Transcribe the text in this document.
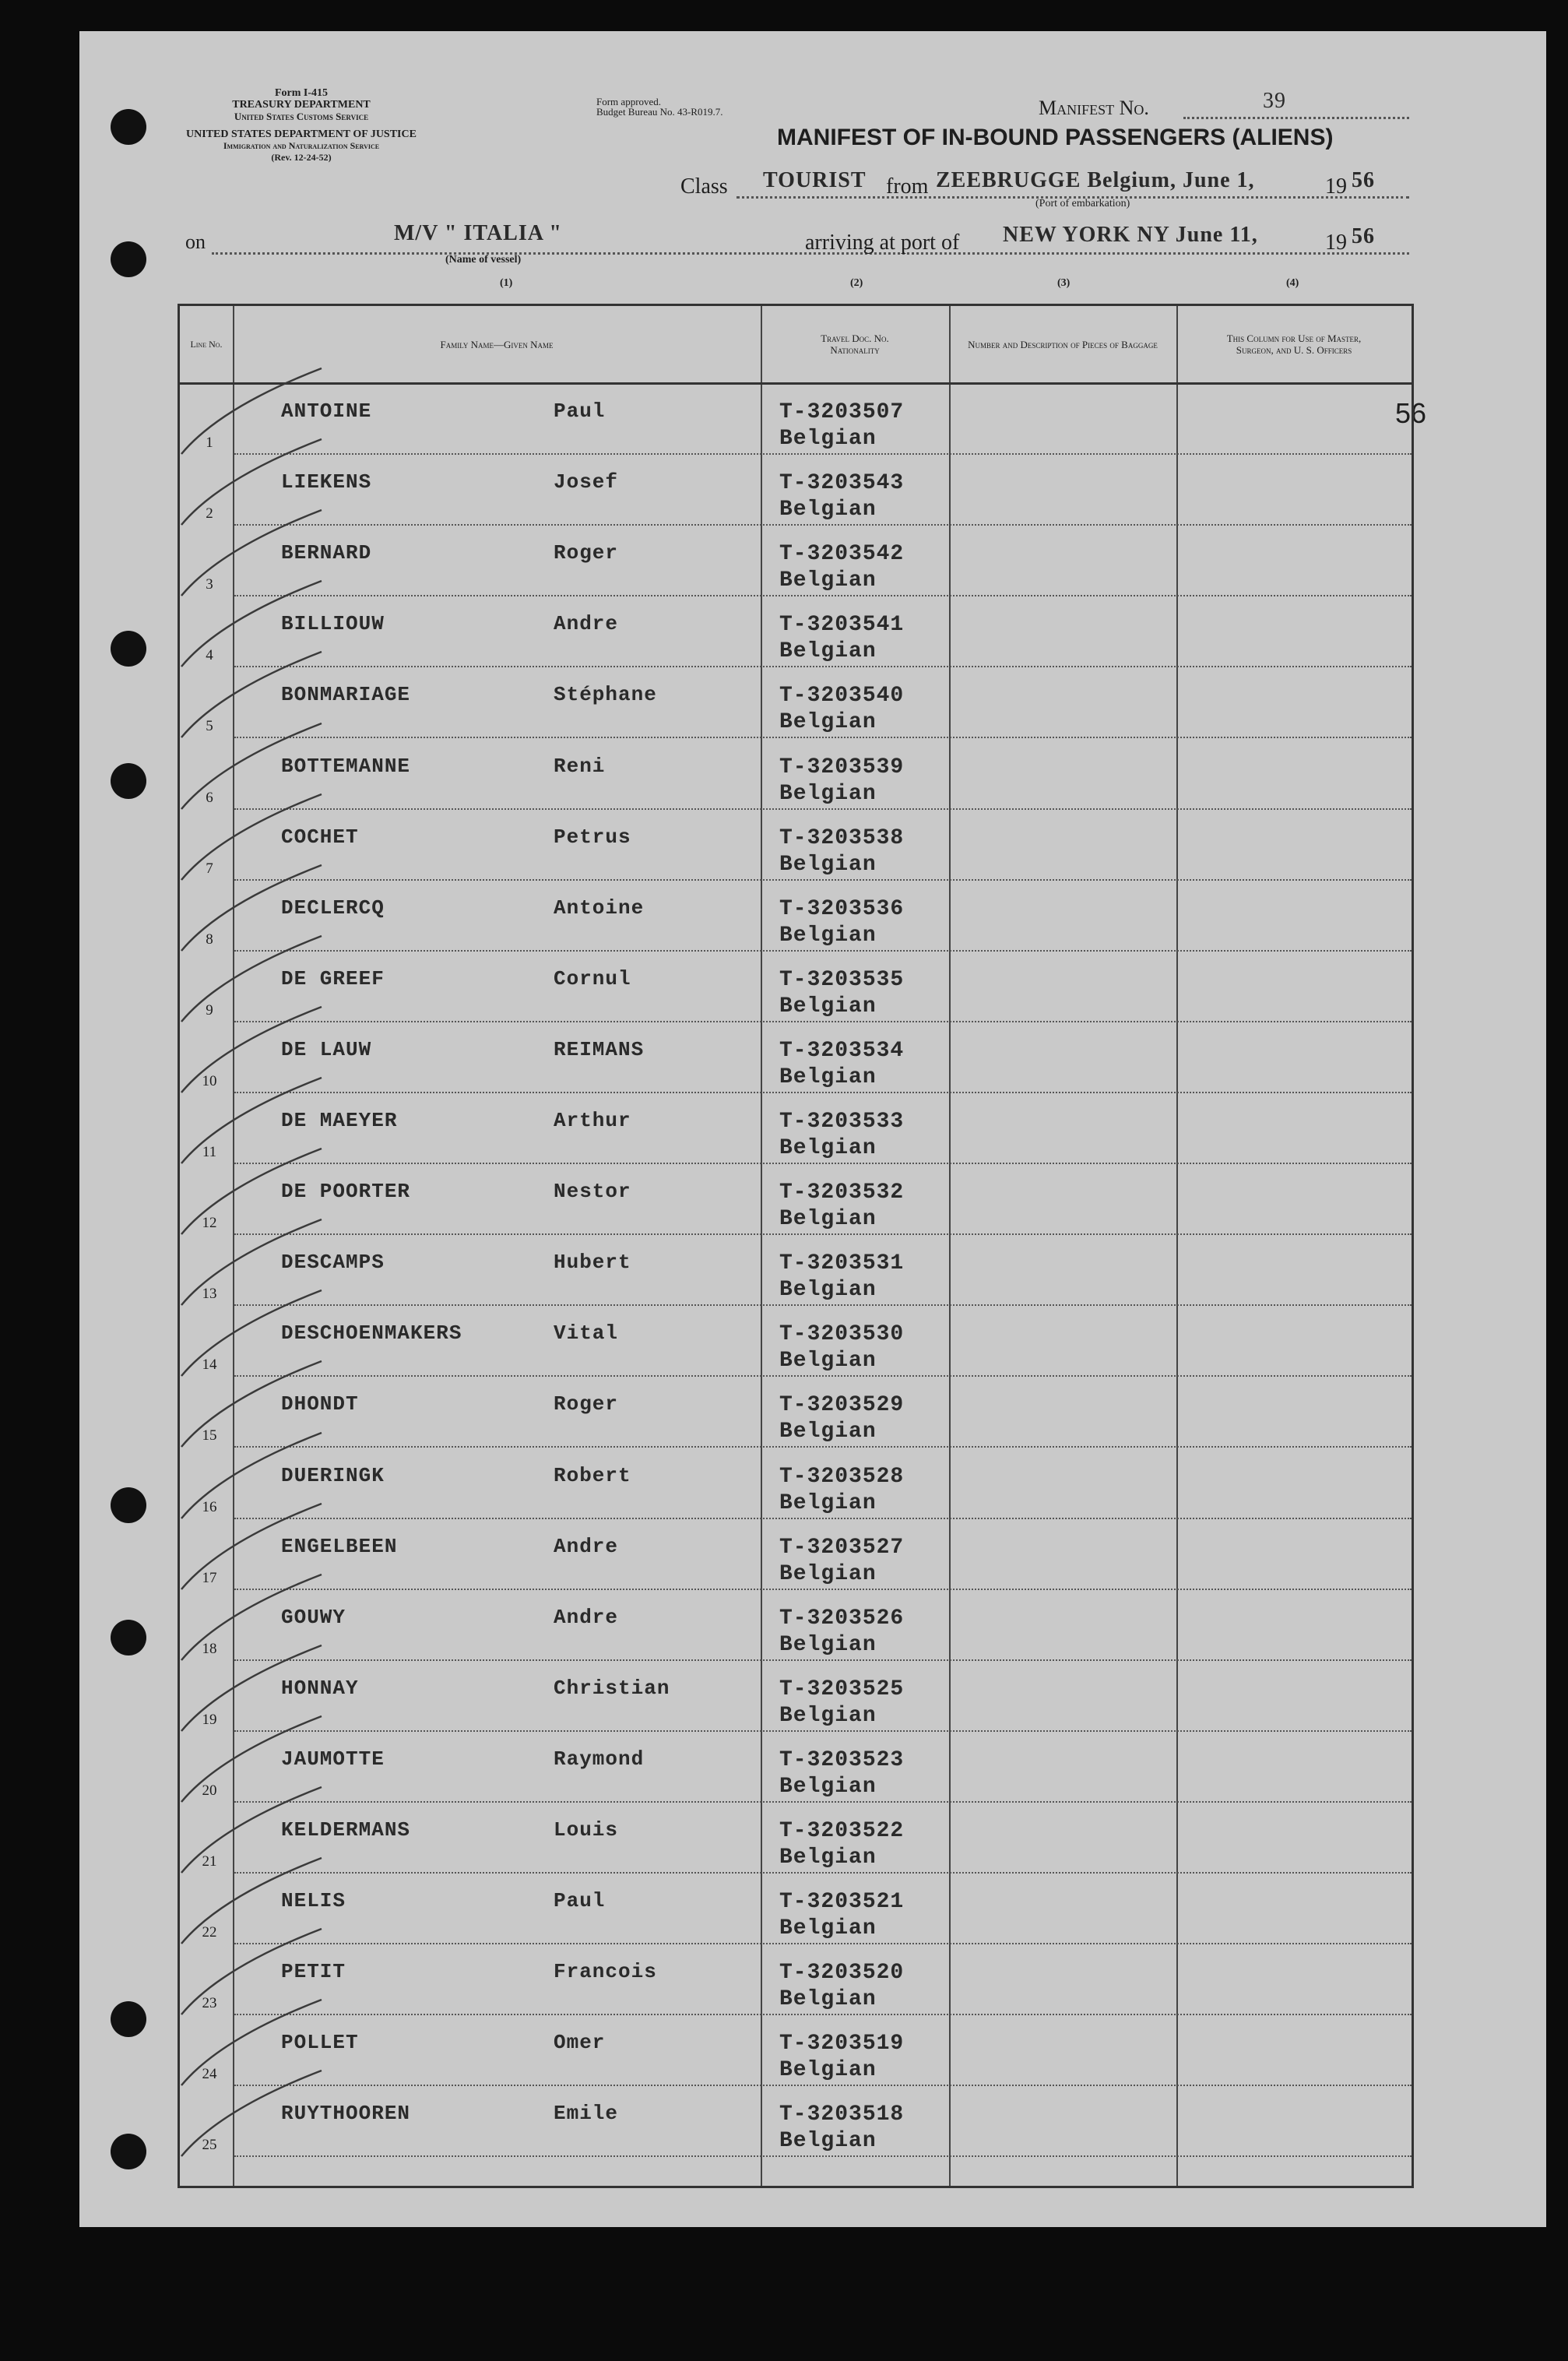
Form I-415
TREASURY DEPARTMENT
United States Customs Service
UNITED STATES DEPARTMENT OF JUSTICE
Immigration and Naturalization Service
(Rev. 12-24-52)
Form approved.
Budget Bureau No. 43-R019.7.	Manifest No.	39
MANIFEST OF IN-BOUND PASSENGERS (ALIENS)
Class TOURIST from ZEEBRUGGE Belgium, June 1,	19 56
(Port of embarkation)
on	M/V " ITALIA "
(Name of vessel)
arriving at port of NEW YORK NY June 11,	19 56
(1)	(2)	(3)	(4)
56
Line No.	Family Name—Given Name	Travel Doc. No. Nationality	Number and Description of Pieces of Baggage	This Column for Use of Master, Surgeon, and U. S. Officers
1
ANTOINE	Paul	T-3203507
Belgian
2
LIEKENS	Josef	T-3203543
Belgian
3
BERNARD	Roger	T-3203542
Belgian
4
BILLIOUW	Andre	T-3203541
Belgian
5
BONMARIAGE	Stéphane	T-3203540
Belgian
6
BOTTEMANNE	Reni	T-3203539
Belgian
7
COCHET	Petrus	T-3203538
Belgian
8
DECLERCQ	Antoine	T-3203536
Belgian
9
DE GREEF	Cornul	T-3203535
Belgian
10
DE LAUW	REIMANS	T-3203534
Belgian
11
DE MAEYER	Arthur	T-3203533
Belgian
12
DE POORTER	Nestor	T-3203532
Belgian
13
DESCAMPS	Hubert	T-3203531
Belgian
14
DESCHOENMAKERS	Vital	T-3203530
Belgian
15
DHONDT	Roger	T-3203529
Belgian
16
DUERINGK	Robert	T-3203528
Belgian
17
ENGELBEEN	Andre	T-3203527
Belgian
18
GOUWY	Andre	T-3203526
Belgian
19
HONNAY	Christian	T-3203525
Belgian
20
JAUMOTTE	Raymond	T-3203523
Belgian
21
KELDERMANS	Louis	T-3203522
Belgian
22
NELIS	Paul	T-3203521
Belgian
23
PETIT	Francois	T-3203520
Belgian
24
POLLET	Omer	T-3203519
Belgian
25
RUYTHOOREN	Emile	T-3203518
Belgian
